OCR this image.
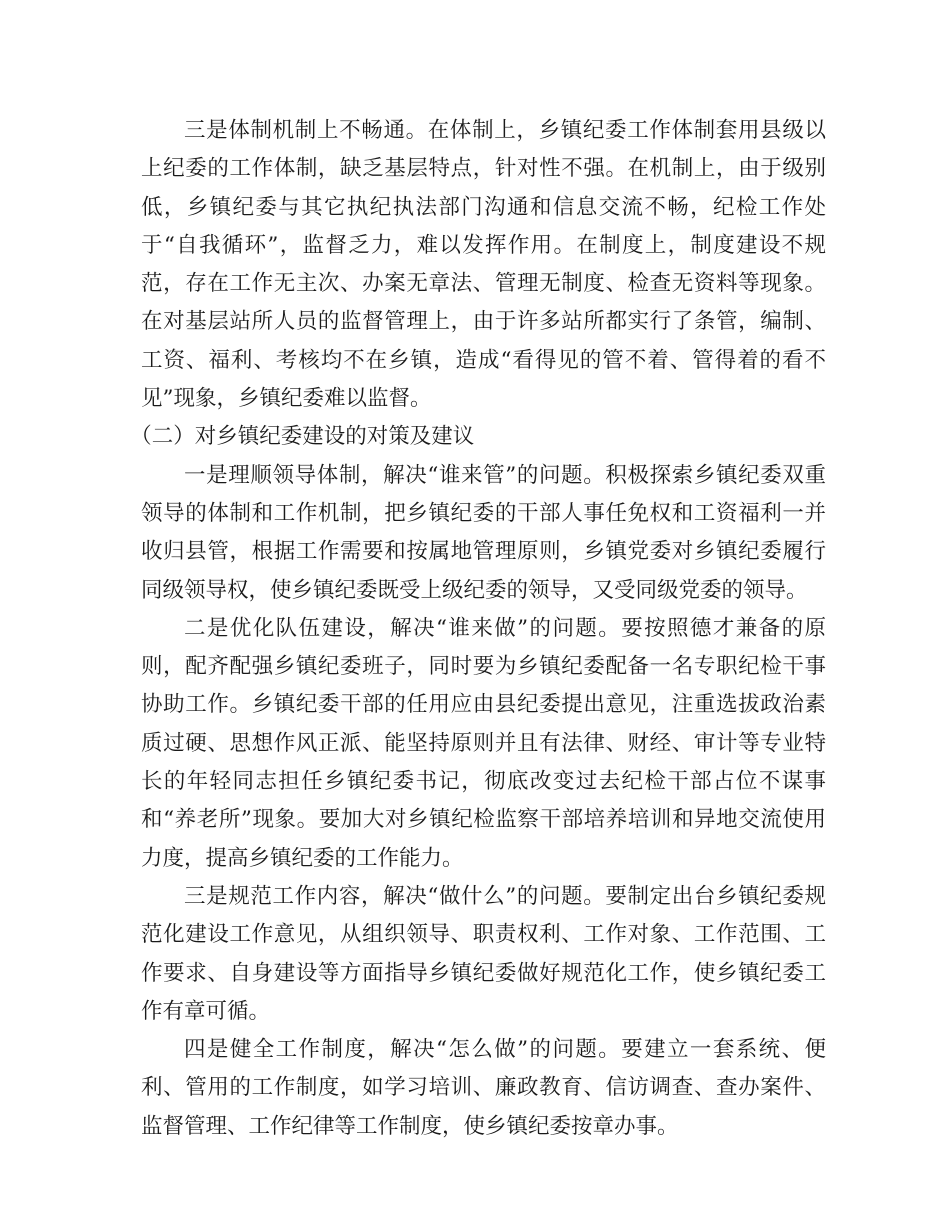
三是体制机制上不畅通。在体制上，乡镇纪委工作体制套用县级以上纪委的工作体制，缺乏基层特点，针对性不强。在机制上，由于级别低，乡镇纪委与其它执纪执法部门沟通和信息交流不畅，纪检工作处于“自我循环”，监督乏力，难以发挥作用。在制度上，制度建设不规范，存在工作无主次、办案无章法、管理无制度、检查无资料等现象。在对基层站所人员的监督管理上，由于许多站所都实行了条管，编制、工资、福利、考核均不在乡镇，造成“看得见的管不着、管得着的看不见”现象，乡镇纪委难以监督。

（二）对乡镇纪委建设的对策及建议

一是理顺领导体制，解决“谁来管”的问题。积极探索乡镇纪委双重领导的体制和工作机制，把乡镇纪委的干部人事任免权和工资福利一并收归县管，根据工作需要和按属地管理原则，乡镇党委对乡镇纪委履行同级领导权，使乡镇纪委既受上级纪委的领导，又受同级党委的领导。

二是优化队伍建设，解决“谁来做”的问题。要按照德才兼备的原则，配齐配强乡镇纪委班子，同时要为乡镇纪委配备一名专职纪检干事协助工作。乡镇纪委干部的任用应由县纪委提出意见，注重选拔政治素质过硬、思想作风正派、能坚持原则并且有法律、财经、审计等专业特长的年轻同志担任乡镇纪委书记，彻底改变过去纪检干部占位不谋事和“养老所”现象。要加大对乡镇纪检监察干部培养培训和异地交流使用力度，提高乡镇纪委的工作能力。

三是规范工作内容，解决“做什么”的问题。要制定出台乡镇纪委规范化建设工作意见，从组织领导、职责权利、工作对象、工作范围、工作要求、自身建设等方面指导乡镇纪委做好规范化工作，使乡镇纪委工作有章可循。

四是健全工作制度，解决“怎么做”的问题。要建立一套系统、便利、管用的工作制度，如学习培训、廉政教育、信访调查、查办案件、监督管理、工作纪律等工作制度，使乡镇纪委按章办事。
